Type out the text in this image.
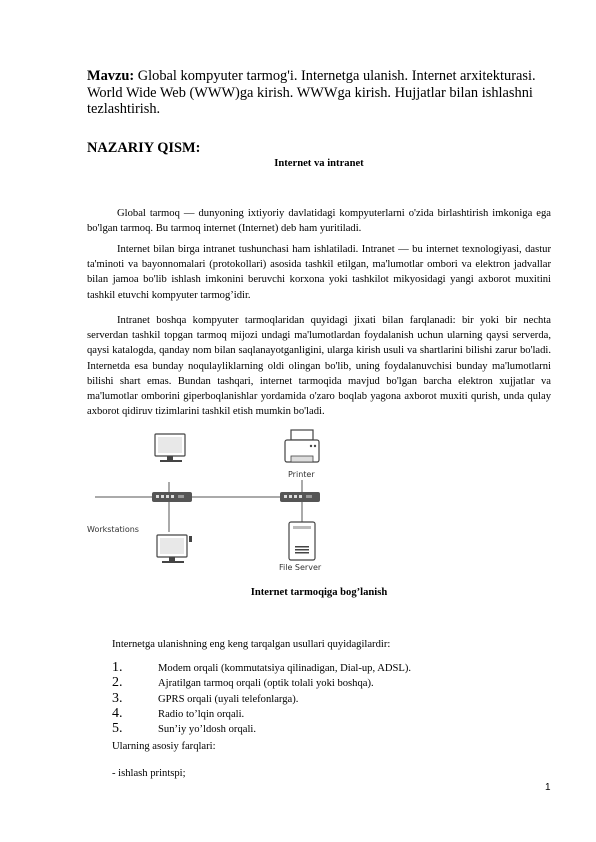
Mavzu: Global kompyuter tarmog'i. Internetga ulanish. Internet arxitekturasi. World Wide Web (WWW)ga kirish. WWWga kirish. Hujjatlar bilan ishlashni tezlashtirish.
NAZARIY QISM:
Internet va intranet
Global tarmoq — dunyoning ixtiyoriy davlatidagi kompyuterlarni o'zida birlashtirish imkoniga ega bo'lgan tarmoq. Bu tarmoq internet (Internet) deb ham yuritiladi.
Internet bilan birga intranet tushunchasi ham ishlatiladi. Intranet — bu internet texnologiyasi, dastur ta'minoti va bayonnomalari (protokollari) asosida tashkil etilgan, ma'lumotlar ombori va elektron jadvallar bilan jamoa bo'lib ishlash imkonini beruvchi korxona yoki tashkilot mikyosidagi yangi axborot muxitini tashkil etuvchi kompyuter tarmog’idir.
Intranet boshqa kompyuter tarmoqlaridan quyidagi jixati bilan farqlanadi: bir yoki bir nechta serverdan tashkil topgan tarmoq mijozi undagi ma'lumotlardan foydalanish uchun ularning qaysi serverda, qaysi katalogda, qanday nom bilan saqlanayotganligini, ularga kirish usuli va shartlarini bilishi zarur bo'ladi. Internetda esa bunday noqulayliklarning oldi olingan bo'lib, uning foydalanuvchisi bunday ma'lumotlarni bilishi shart emas. Bundan tashqari, internet tarmoqida mavjud bo'lgan barcha elektron xujjatlar va ma'lumotlar omborini giperboqlanishlar yordamida o'zaro boqlab yagona axborot muxiti qurish, unda qulay axborot qidiruv tizimlarini tashkil etish mumkin bo'ladi.
Printer
File Server
Workstations
Internet tarmoqiga bog’lanish
Internetga ulanishning eng keng tarqalgan usullari quyidagilardir:
1.	Modem orqali (kommutatsiya qilinadigan, Dial-up, ADSL).
2.	Ajratilgan tarmoq orqali (optik tolali yoki boshqa).
3.	GPRS orqali (uyali telefonlarga).
4.	Radio to’lqin orqali.
5.	Sun’iy yo’ldosh orqali.
Ularning asosiy farqlari:
- ishlash printspi;
1
